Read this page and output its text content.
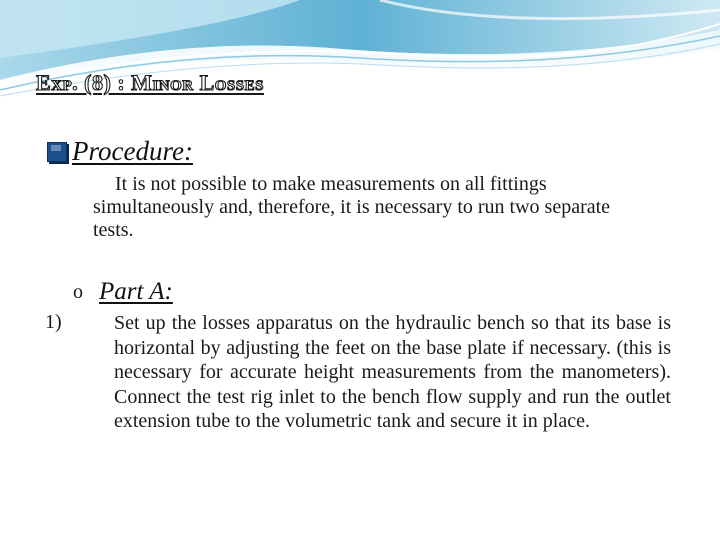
Exp. (8) : Minor Losses
Procedure:

It is not possible to make measurements on all fittings simultaneously and, therefore, it is necessary to run two separate tests.

o Part A:
1)	Set up the losses apparatus on the hydraulic bench so that its base is horizontal by adjusting the feet on the base plate if necessary. (this is necessary for accurate height measurements from the manometers). Connect the test rig inlet to the bench flow supply and run the outlet extension tube to the volumetric tank and secure it in place.
